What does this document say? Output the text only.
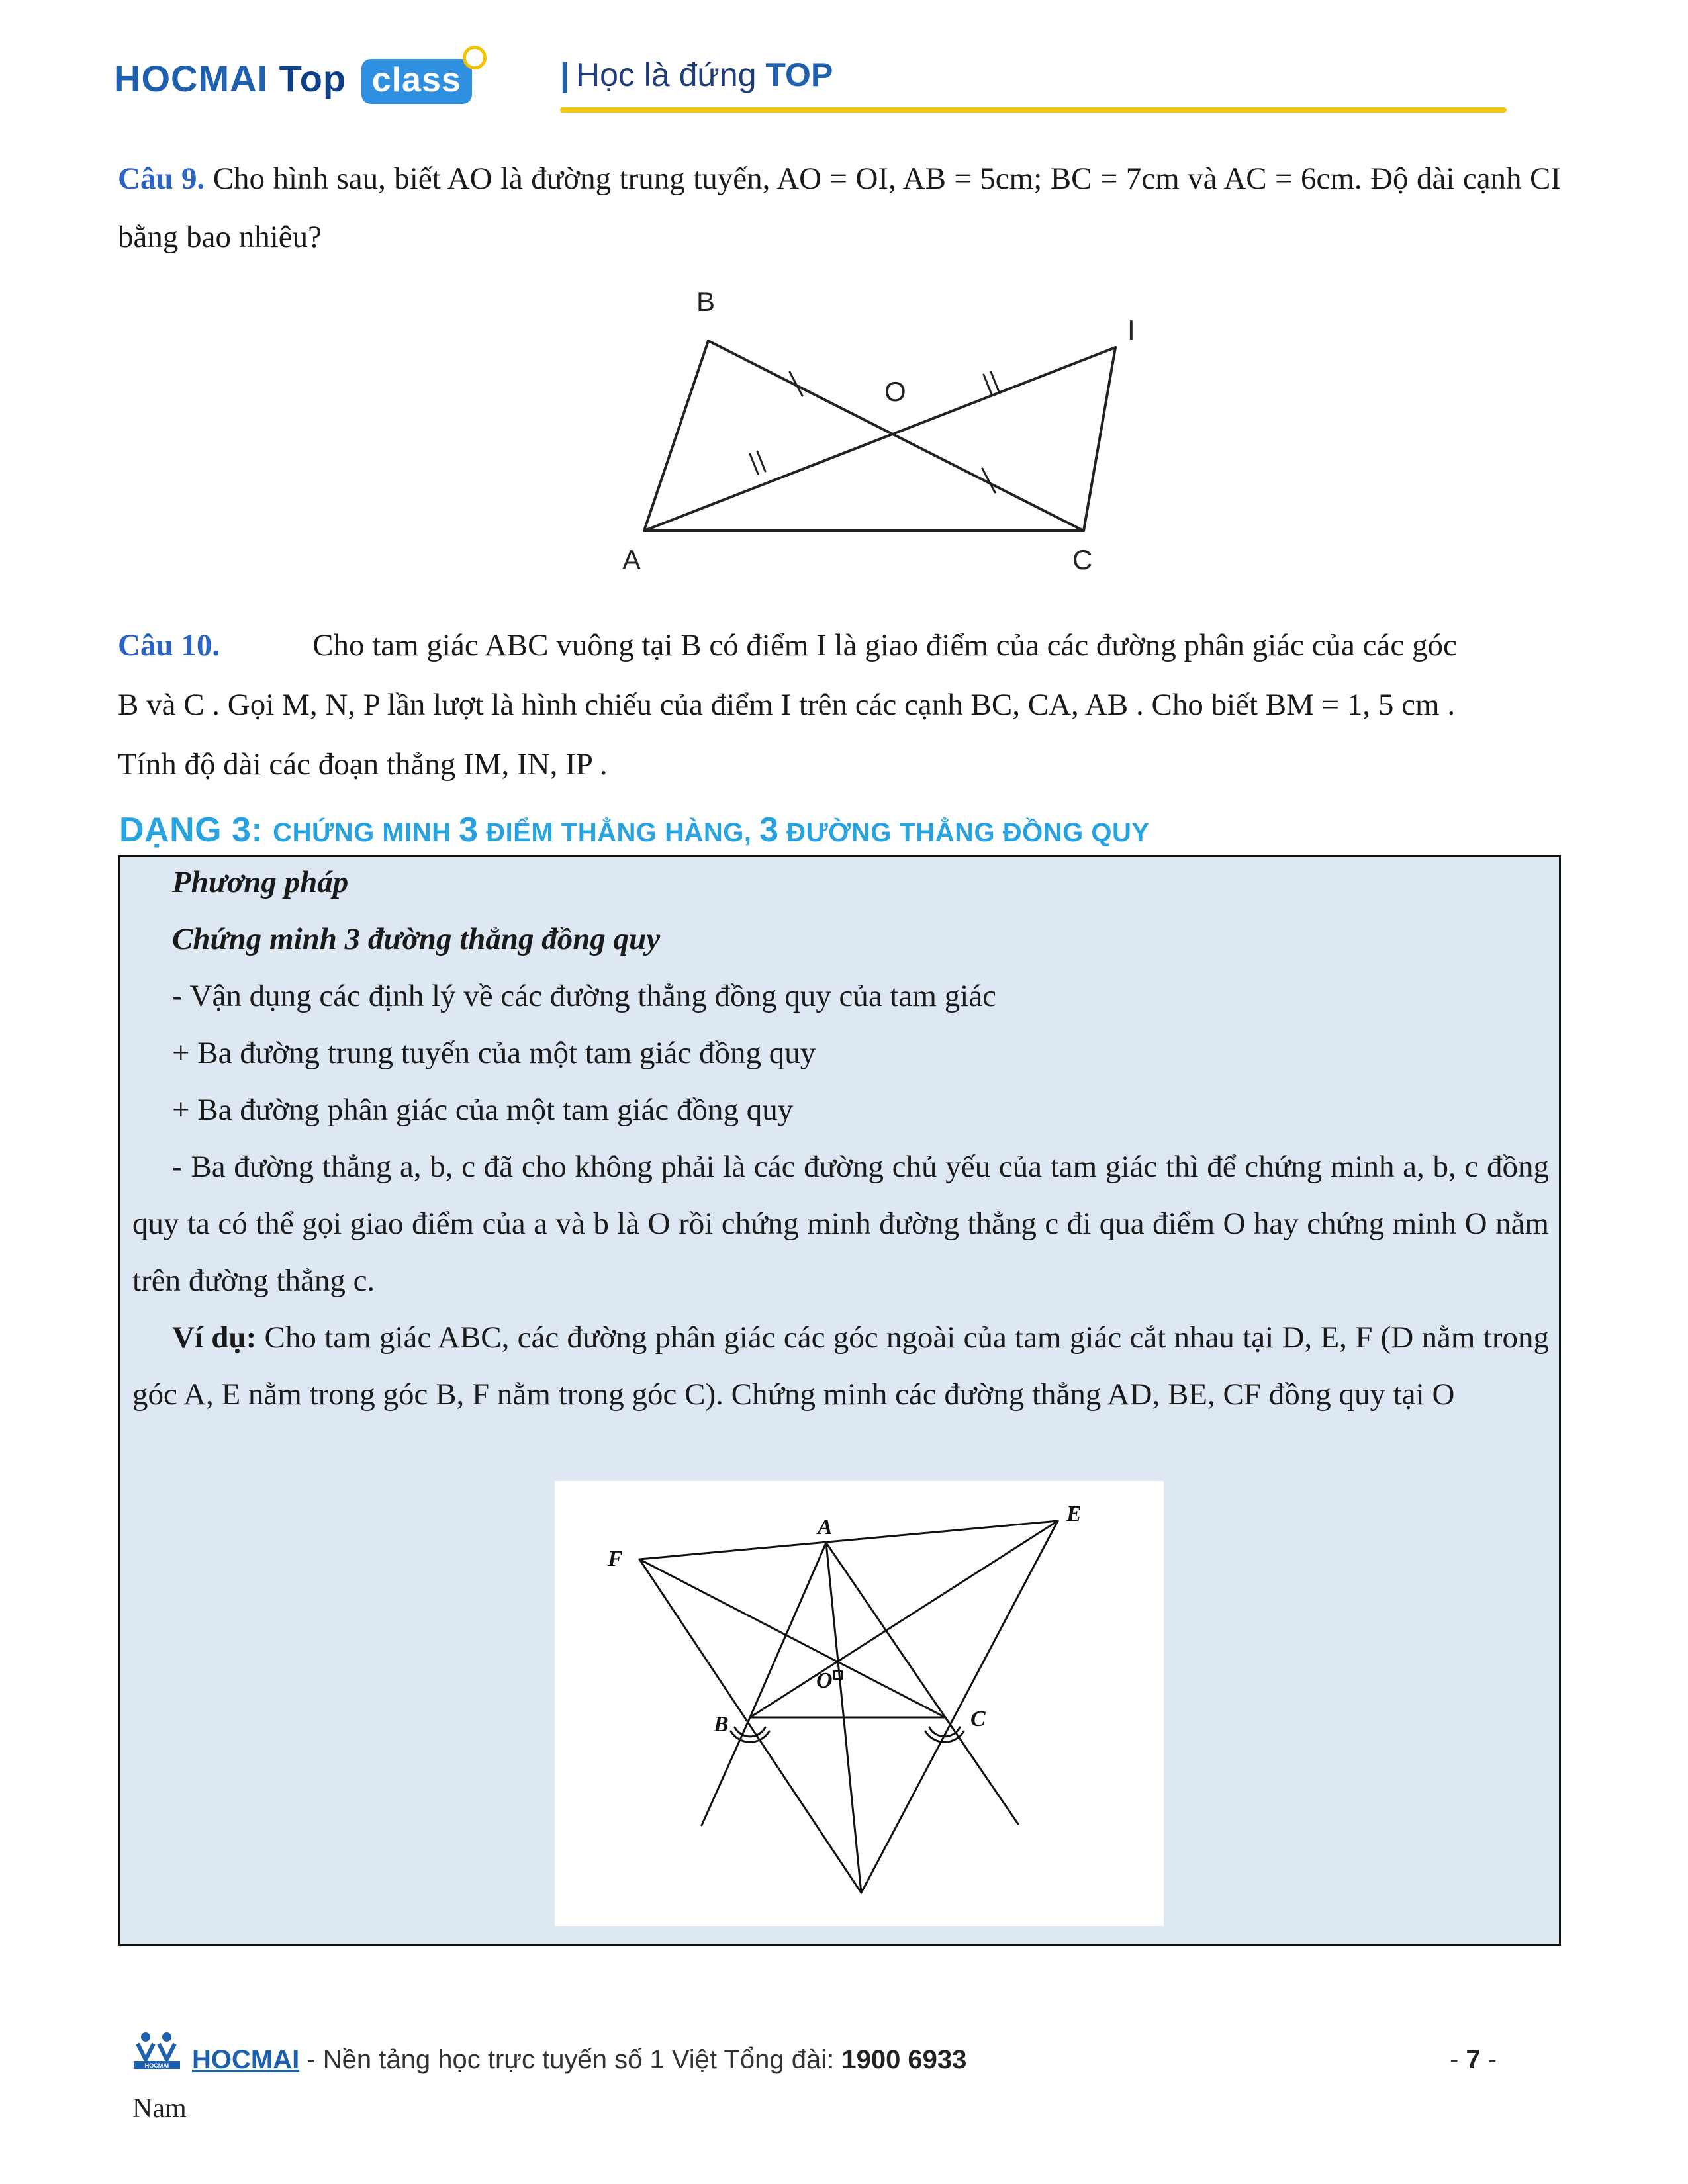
HOCMAI Top class	| Học là đứng TOP
Câu 9. Cho hình sau, biết AO là đường trung tuyến, AO = OI, AB = 5cm; BC = 7cm và AC = 6cm. Độ dài cạnh CI bằng bao nhiêu?
B
I
O
A	C
Câu 10.	Cho tam giác ABC vuông tại B có điểm I là giao điểm của các đường phân giác của các góc
B và C . Gọi M, N, P lần lượt là hình chiếu của điểm I trên các cạnh BC, CA, AB . Cho biết BM = 1, 5 cm .
Tính độ dài các đoạn thẳng IM, IN, IP .
DẠNG 3: CHỨNG MINH 3 ĐIỂM THẲNG HÀNG, 3 ĐƯỜNG THẲNG ĐỒNG QUY
Phương pháp
Chứng minh 3 đường thẳng đồng quy
- Vận dụng các định lý về các đường thẳng đồng quy của tam giác
+ Ba đường trung tuyến của một tam giác đồng quy
+ Ba đường phân giác của một tam giác đồng quy
- Ba đường thẳng a, b, c đã cho không phải là các đường chủ yếu của tam giác thì để chứng minh a, b, c đồng quy ta có thể gọi giao điểm của a và b là O rồi chứng minh đường thẳng c đi qua điểm O hay chứng minh O nằm trên đường thẳng c.
Ví dụ: Cho tam giác ABC, các đường phân giác các góc ngoài của tam giác cắt nhau tại D, E, F (D nằm trong góc A, E nằm trong góc B, F nằm trong góc C). Chứng minh các đường thẳng AD, BE, CF đồng quy tại O
A
E
F
O
B	C
HOCMAI HOCMAI - Nền tảng học trực tuyến số 1 Việt Tổng đài: 1900 6933	- 7 -
Nam
